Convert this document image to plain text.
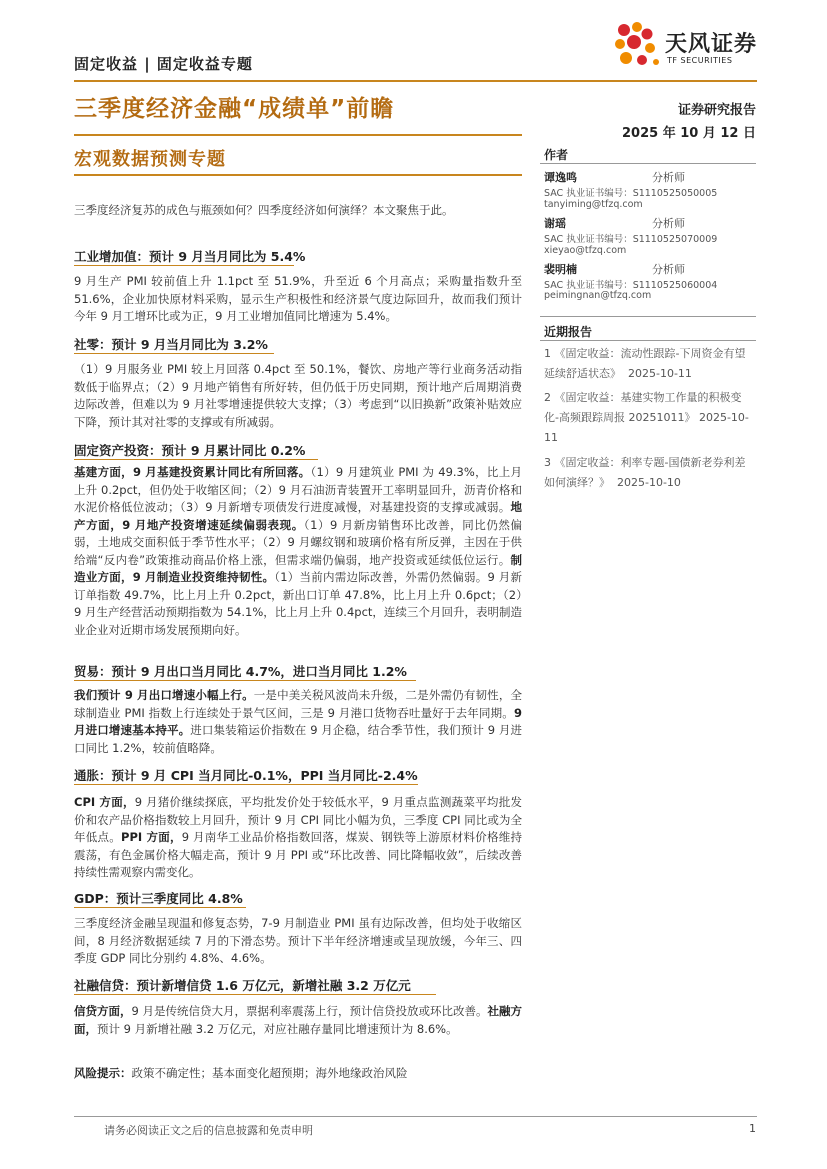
固定收益 | 固定收益专题
天风证券
TF SECURITIES
三季度经济金融“成绩单”前瞻	证券研究报告
2025 年 10 月 12 日
宏观数据预测专题
三季度经济复苏的成色与瓶颈如何？四季度经济如何演绎？本文聚焦于此。
工业增加值：预计 9 月当月同比为 5.4%
9 月生产 PMI 较前值上升 1.1pct 至 51.9%，升至近 6 个月高点；采购量指数升至 51.6%，企业加快原材料采购，显示生产积极性和经济景气度边际回升，故而我们预计今年 9 月工增环比或为正，9 月工业增加值同比增速为 5.4%。
社零：预计 9 月当月同比为 3.2%
（1）9 月服务业 PMI 较上月回落 0.4pct 至 50.1%，餐饮、房地产等行业商务活动指数低于临界点；（2）9 月地产销售有所好转，但仍低于历史同期，预计地产后周期消费边际改善，但难以为 9 月社零增速提供较大支撑；（3）考虑到“以旧换新”政策补贴效应下降，预计其对社零的支撑或有所减弱。
固定资产投资：预计 9 月累计同比 0.2%
基建方面，9 月基建投资累计同比有所回落。（1）9 月建筑业 PMI 为 49.3%，比上月上升 0.2pct，但仍处于收缩区间；（2）9 月石油沥青装置开工率明显回升，沥青价格和水泥价格低位波动；（3）9 月新增专项债发行进度减慢，对基建投资的支撑或减弱。地产方面，9 月地产投资增速延续偏弱表现。（1）9 月新房销售环比改善，同比仍然偏弱，土地成交面积低于季节性水平；（2）9 月螺纹钢和玻璃价格有所反弹，主因在于供给端“反内卷”政策推动商品价格上涨，但需求端仍偏弱，地产投资或延续低位运行。制造业方面，9 月制造业投资维持韧性。（1）当前内需边际改善，外需仍然偏弱。9 月新订单指数 49.7%，比上月上升 0.2pct，新出口订单 47.8%，比上月上升 0.6pct；（2）9 月生产经营活动预期指数为 54.1%，比上月上升 0.4pct，连续三个月回升，表明制造业企业对近期市场发展预期向好。
贸易：预计 9 月出口当月同比 4.7%，进口当月同比 1.2%
我们预计 9 月出口增速小幅上行。一是中美关税风波尚未升级，二是外需仍有韧性，全球制造业 PMI 指数上行连续处于景气区间，三是 9 月港口货物吞吐量好于去年同期。9 月进口增速基本持平。进口集装箱运价指数在 9 月企稳，结合季节性，我们预计 9 月进口同比 1.2%，较前值略降。
通胀：预计 9 月 CPI 当月同比-0.1%，PPI 当月同比-2.4%
CPI 方面，9 月猪价继续探底，平均批发价处于较低水平，9 月重点监测蔬菜平均批发价和农产品价格指数较上月回升，预计 9 月 CPI 同比小幅为负，三季度 CPI 同比或为全年低点。PPI 方面，9 月南华工业品价格指数回落，煤炭、钢铁等上游原材料价格维持震荡，有色金属价格大幅走高，预计 9 月 PPI 或“环比改善、同比降幅收敛”，后续改善持续性需观察内需变化。
GDP：预计三季度同比 4.8%
三季度经济金融呈现温和修复态势，7-9 月制造业 PMI 虽有边际改善，但均处于收缩区间，8 月经济数据延续 7 月的下滑态势。预计下半年经济增速或呈现放缓，今年三、四季度 GDP 同比分别约 4.8%、4.6%。
社融信贷：预计新增信贷 1.6 万亿元，新增社融 3.2 万亿元
信贷方面，9 月是传统信贷大月，票据利率震荡上行，预计信贷投放或环比改善。社融方面，预计 9 月新增社融 3.2 万亿元，对应社融存量同比增速预计为 8.6%。
风险提示：政策不确定性；基本面变化超预期；海外地缘政治风险
作者
谭逸鸣	分析师
SAC 执业证书编号：S1110525050005
tanyiming@tfzq.com
谢瑶	分析师
SAC 执业证书编号：S1110525070009
xieyao@tfzq.com
裴明楠	分析师
SAC 执业证书编号：S1110525060004
peimingnan@tfzq.com
近期报告
1 《固定收益：流动性跟踪-下周资金有望延续舒适状态》 2025-10-11
2 《固定收益：基建实物工作量的积极变化-高频跟踪周报 20251011》 2025-10-11
3 《固定收益：利率专题-国债新老券利差如何演绎？》 2025-10-10
请务必阅读正文之后的信息披露和免责申明	1
